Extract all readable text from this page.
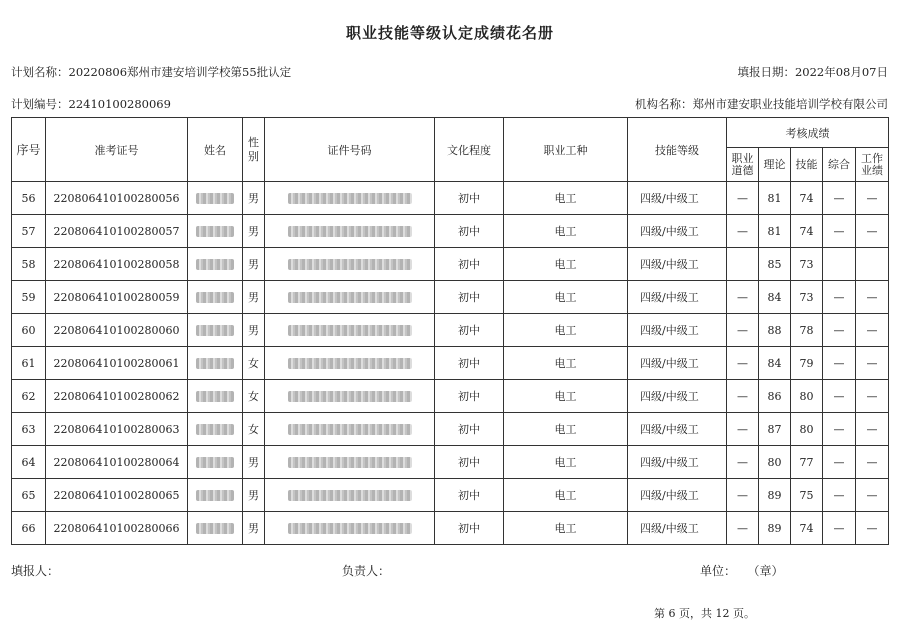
职业技能等级认定成绩花名册
计划名称：20220806郑州市建安培训学校第55批认定	填报日期：2022年08月07日
计划编号：22410100280069	机构名称：郑州市建安职业技能培训学校有限公司
序号	准考证号	姓名	性别	证件号码	文化程度	职业工种	技能等级	考核成绩				
								职业道德	理论	技能	综合	工作业绩
56	220806410100280056		男		初中	电工	四级/中级工	—	81	74	—	—
57	220806410100280057		男		初中	电工	四级/中级工	—	81	74	—	—
58	220806410100280058		男		初中	电工	四级/中级工		85	73		
59	220806410100280059		男		初中	电工	四级/中级工	—	84	73	—	—
60	220806410100280060		男		初中	电工	四级/中级工	—	88	78	—	—
61	220806410100280061		女		初中	电工	四级/中级工	—	84	79	—	—
62	220806410100280062		女		初中	电工	四级/中级工	—	86	80	—	—
63	220806410100280063		女		初中	电工	四级/中级工	—	87	80	—	—
64	220806410100280064		男		初中	电工	四级/中级工	—	80	77	—	—
65	220806410100280065		男		初中	电工	四级/中级工	—	89	75	—	—
66	220806410100280066		男		初中	电工	四级/中级工	—	89	74	—	—
填报人：	负责人：	单位： （章）
第 6 页，共 12 页。
